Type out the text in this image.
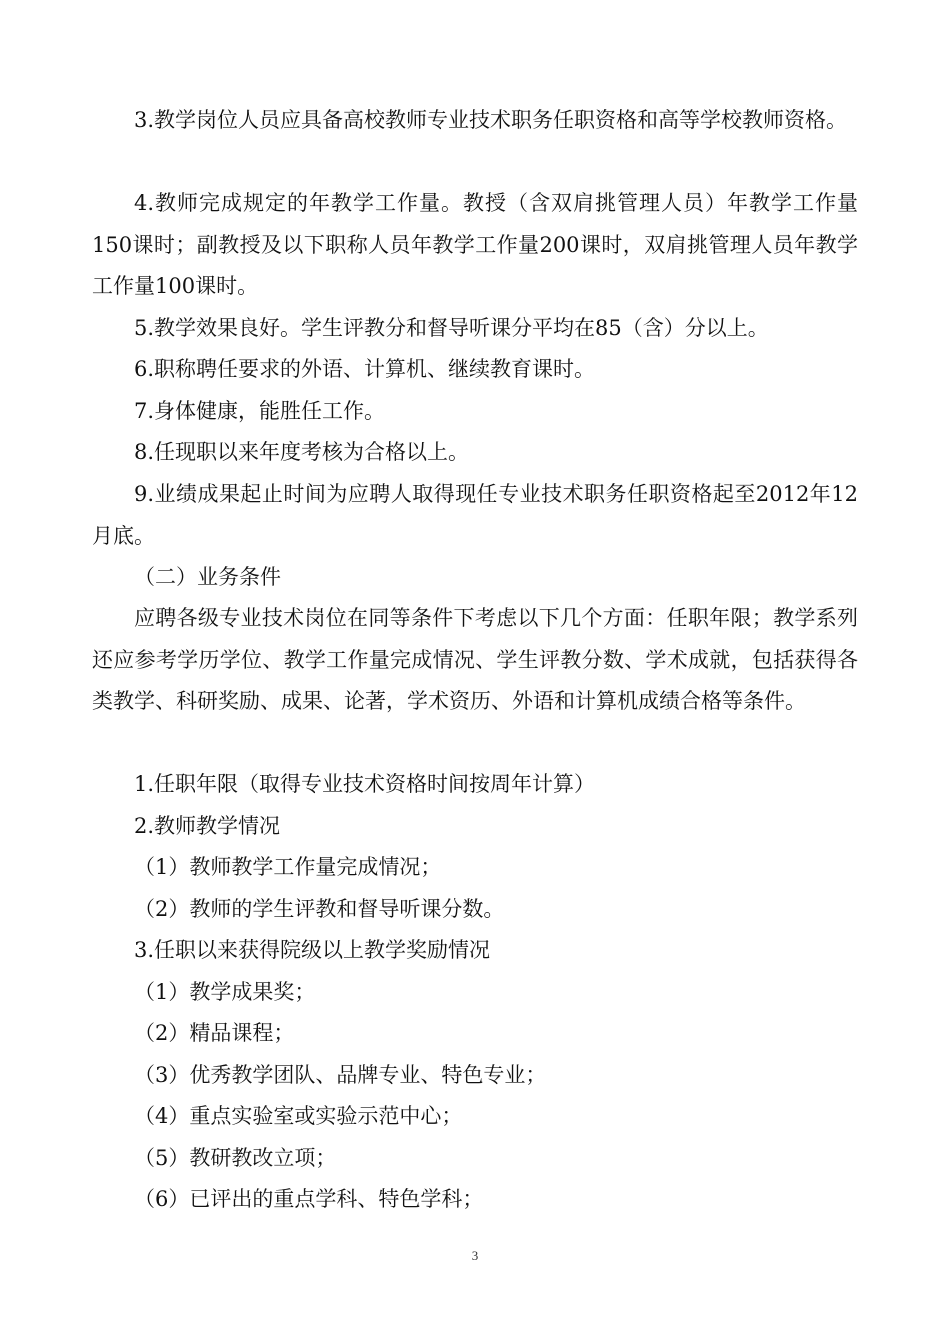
3.教学岗位人员应具备高校教师专业技术职务任职资格和高等学校教师资格。

4.教师完成规定的年教学工作量。教授（含双肩挑管理人员）年教学工作量150课时；副教授及以下职称人员年教学工作量200课时，双肩挑管理人员年教学工作量100课时。

5.教学效果良好。学生评教分和督导听课分平均在85（含）分以上。

6.职称聘任要求的外语、计算机、继续教育课时。

7.身体健康，能胜任工作。

8.任现职以来年度考核为合格以上。

9.业绩成果起止时间为应聘人取得现任专业技术职务任职资格起至2012年12月底。

（二）业务条件

应聘各级专业技术岗位在同等条件下考虑以下几个方面：任职年限；教学系列还应参考学历学位、教学工作量完成情况、学生评教分数、学术成就，包括获得各类教学、科研奖励、成果、论著，学术资历、外语和计算机成绩合格等条件。

1.任职年限（取得专业技术资格时间按周年计算）

2.教师教学情况

（1）教师教学工作量完成情况；

（2）教师的学生评教和督导听课分数。

3.任职以来获得院级以上教学奖励情况

（1）教学成果奖；

（2）精品课程；

（3）优秀教学团队、品牌专业、特色专业；

（4）重点实验室或实验示范中心；

（5）教研教改立项；

（6）已评出的重点学科、特色学科；

3
